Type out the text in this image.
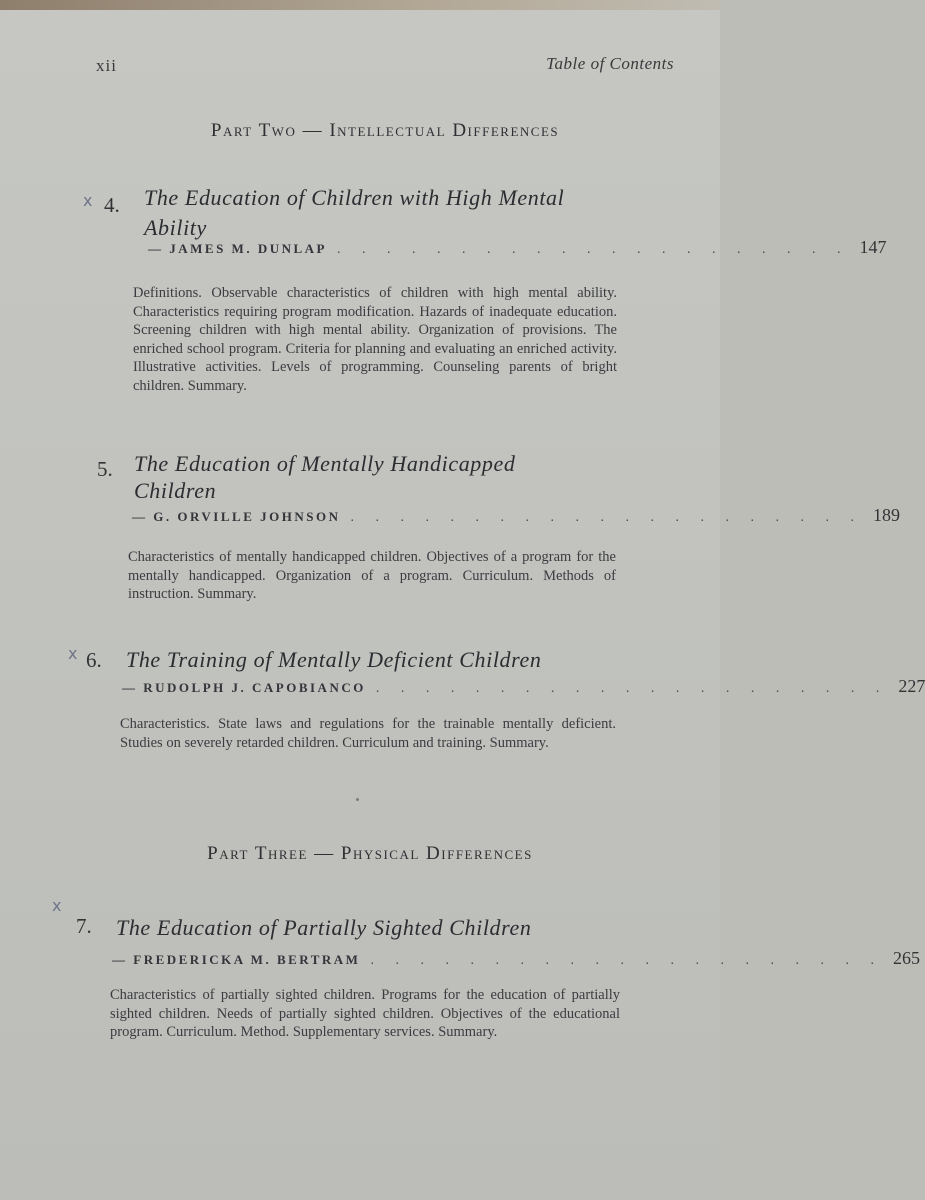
xii	Table of Contents
Part Two — Intellectual Differences
x 4. The Education of Children with High Mental
Ability
— JAMES M. DUNLAP . . . . . . . . . . . . . . . . . . . . . 147
Definitions. Observable characteristics of children with high mental ability. Characteristics requiring program modification. Hazards of inadequate education. Screening children with high mental ability. Organization of provisions. The enriched school program. Criteria for planning and evaluating an enriched activity. Illustrative activities. Levels of programming. Counseling parents of bright children. Summary.
5. The Education of Mentally Handicapped
Children
— G. ORVILLE JOHNSON . . . . . . . . . . . . . . . . . . . . . 189
Characteristics of mentally handicapped children. Objectives of a program for the mentally handicapped. Organization of a program. Curriculum. Methods of instruction. Summary.
x 6. The Training of Mentally Deficient Children
— RUDOLPH J. CAPOBIANCO . . . . . . . . . . . . . . . . . . . . . 227
Characteristics. State laws and regulations for the trainable mentally deficient. Studies on severely retarded children. Curriculum and training. Summary.
Part Three — Physical Differences
x
7. The Education of Partially Sighted Children
— FREDERICKA M. BERTRAM . . . . . . . . . . . . . . . . . . . . . 265
Characteristics of partially sighted children. Programs for the education of partially sighted children. Needs of partially sighted children. Objectives of the educational program. Curriculum. Method. Supplementary services. Summary.
